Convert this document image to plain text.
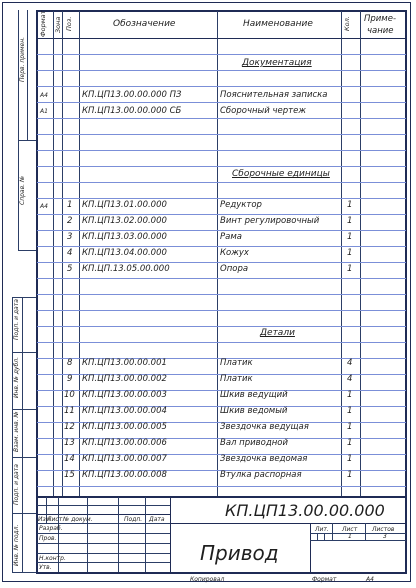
Перв. примен.
Справ. №
Подп. и дата
Инв. № дубл.
Взам. инв. №
Подп. и дата
Инв. № подл.
Формат Зона Поз.	Обозначение	Наименование	Кол. Приме-
чание
Документация
Сборочные единицы
Детали
А4	КП.ЦП13.00.00.000 ПЗ	Пояснительная записка
А1	КП.ЦП13.00.00.000 СБ	Сборочный чертеж
А4 1 КП.ЦП13.01.00.000	Редуктор	1
2 КП.ЦП13.02.00.000	Винт регулировочный	1
3 КП.ЦП13.03.00.000	Рама	1
4 КП.ЦП13.04.00.000	Кожух	1
5 КП.ЦП.13.05.00.000	Опора	1
8 КП.ЦП13.00.00.001	Платик	4
9 КП.ЦП13.00.00.002	Платик	4
10 КП.ЦП13.00.00.003	Шкив ведущий	1
11 КП.ЦП13.00.00.004	Шкив ведомый	1
12 КП.ЦП13.00.00.005	Звездочка ведущая	1
13 КП.ЦП13.00.00.006	Вал приводной	1
14 КП.ЦП13.00.00.007	Звездочка ведомая	1
15 КП.ЦП13.00.00.008	Втулка распорная	1
Изм
Лист № докум.	Подп. Дата
Разраб.
Пров.
Н.контр.
Утв.
КП.ЦП13.00.00.000
Привод
Лит. Лист Листов
1	3
Копировал	Формат	А4
